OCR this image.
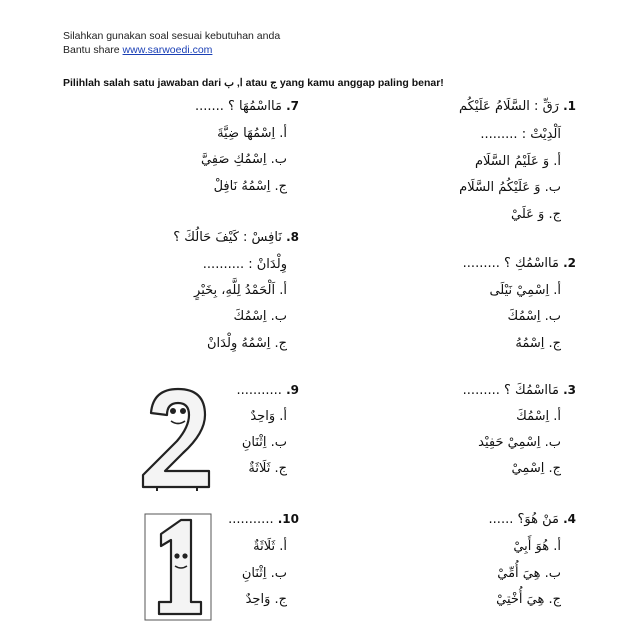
Silahkan gunakan soal sesuai kebutuhan anda
Bantu share www.sarwoedi.com
Pilihlah salah satu jawaban dari ا, ب atau ج yang kamu anggap paling benar!
1. رَقِّ : السَّلَامُ عَلَيْكُم
اَلْدِيْتْ : .........
أ. وَ عَلَيْمُ السَّلَام
ب. وَ عَلَيْكُمُ السَّلَام
ج. وَ عَلَيْ
2. مَااسْمُكِ ؟ .........
أ. اِسْمِيْ نَيْلَى
ب. اِسْمُكَ
ج. اِسْمُهُ
3. مَااسْمُكَ ؟ .........
أ. اِسْمُكَ
ب. اِسْمِيْ حَفِيْد
ج. اِسْمِيْ
4. مَنْ هُوَ؟ ......
أ. هُوَ أَبِيْ
ب. هِيَ أُمِّيْ
ج. هِيَ أُخْتِيْ
7. مَااسْمُهَا ؟ .......
أ. اِسْمُهَا ضِيَّةَ
ب. اِسْمُكِ صَفِيَّ
ج. اِسْمُهُ نَافِلْ
8. نَافِسْ : كَيْفَ حَالُكَ ؟
وِلْدَانْ : ..........
أ. اَلْحَمْدُ لِلَّهِ، بِخَيْرٍ
ب. اِسْمُكَ
ج. اِسْمُهُ وِلْدَانْ
9. ...........
أ. وَاحِدٌ
ب. اِثْنَانِ
ج. ثَلَاثَةٌ
10. ...........
أ. ثَلَاثَةٌ
ب. اِثْنَانِ
ج. وَاحِدٌ
